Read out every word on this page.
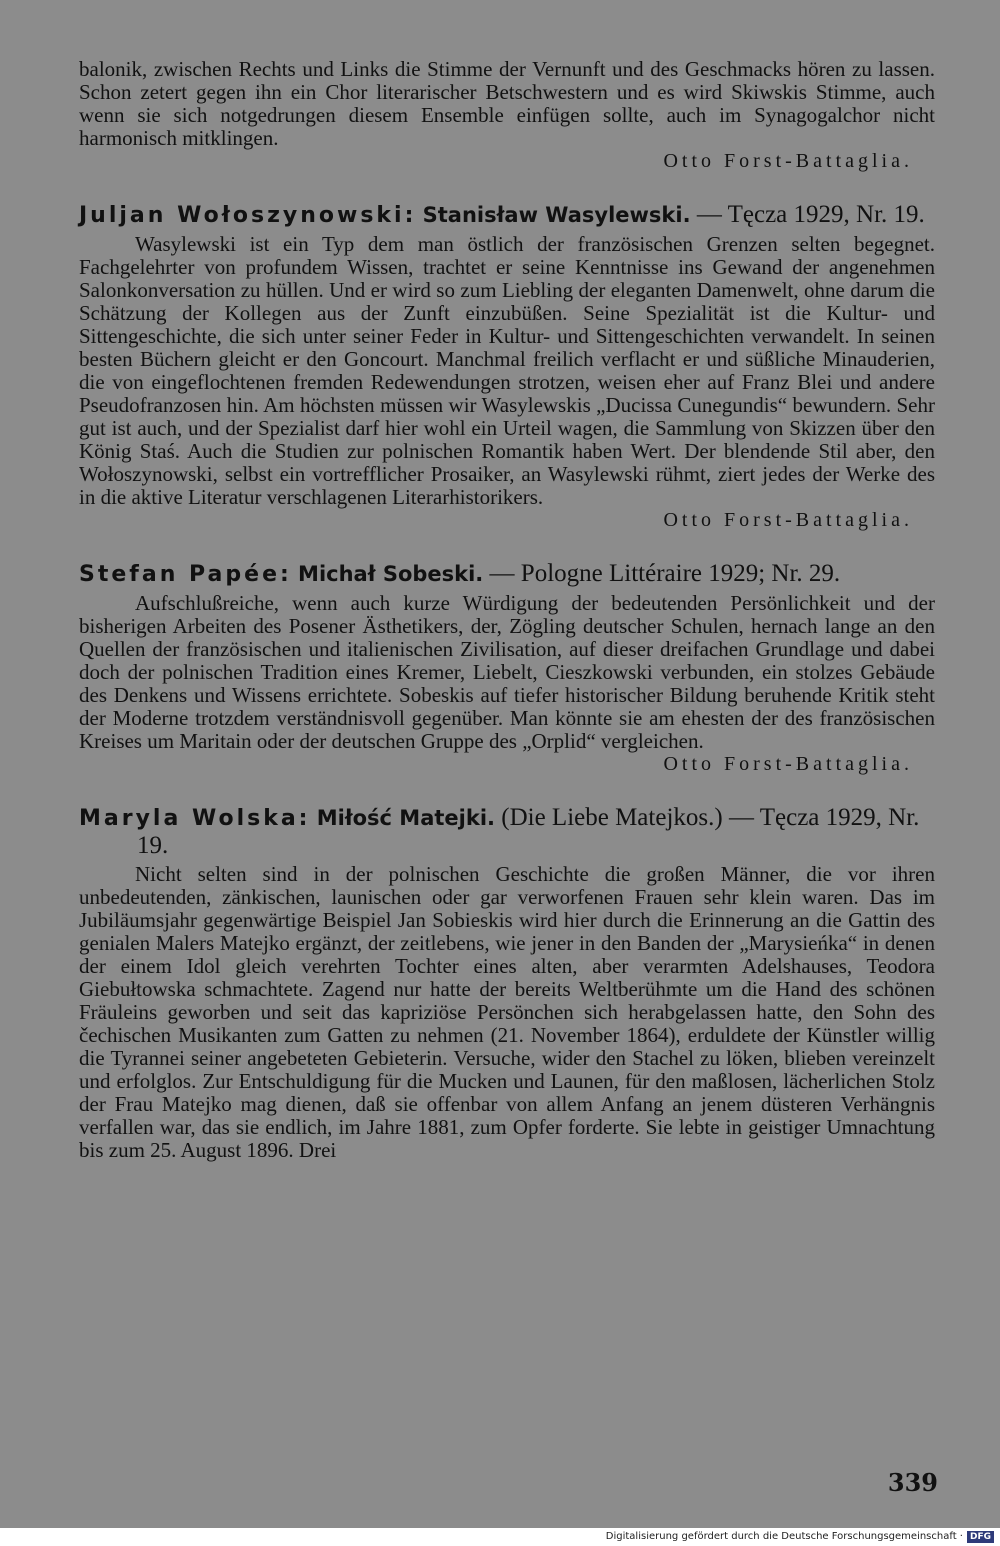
balonik, zwischen Rechts und Links die Stimme der Vernunft und des Geschmacks hören zu lassen. Schon zetert gegen ihn ein Chor literarischer Betschwestern und es wird Skiwskis Stimme, auch wenn sie sich notgedrungen diesem Ensemble einfügen sollte, auch im Synagogalchor nicht harmonisch mitklingen.

Otto Forst-Battaglia.

Juljan Wołoszynowski: Stanisław Wasylewski. — Tęcza 1929, Nr. 19.

Wasylewski ist ein Typ dem man östlich der französischen Grenzen selten begegnet. Fachgelehrter von profundem Wissen, trachtet er seine Kenntnisse ins Gewand der angenehmen Salonkonversation zu hüllen. Und er wird so zum Liebling der eleganten Damenwelt, ohne darum die Schätzung der Kollegen aus der Zunft einzubüßen. Seine Spezialität ist die Kultur- und Sittengeschichte, die sich unter seiner Feder in Kultur- und Sittengeschichten verwandelt. In seinen besten Büchern gleicht er den Goncourt. Manchmal freilich verflacht er und süßliche Minauderien, die von eingeflochtenen fremden Redewendungen strotzen, weisen eher auf Franz Blei und andere Pseudofranzosen hin. Am höchsten müssen wir Wasylewskis „Ducissa Cunegundis“ bewundern. Sehr gut ist auch, und der Spezialist darf hier wohl ein Urteil wagen, die Sammlung von Skizzen über den König Staś. Auch die Studien zur polnischen Romantik haben Wert. Der blendende Stil aber, den Wołoszynowski, selbst ein vortrefflicher Prosaiker, an Wasylewski rühmt, ziert jedes der Werke des in die aktive Literatur verschlagenen Literarhistorikers.

Otto Forst-Battaglia.

Stefan Papée: Michał Sobeski. — Pologne Littéraire 1929; Nr. 29.

Aufschlußreiche, wenn auch kurze Würdigung der bedeutenden Persönlichkeit und der bisherigen Arbeiten des Posener Ästhetikers, der, Zögling deutscher Schulen, hernach lange an den Quellen der französischen und italienischen Zivilisation, auf dieser dreifachen Grundlage und dabei doch der polnischen Tradition eines Kremer, Liebelt, Cieszkowski verbunden, ein stolzes Gebäude des Denkens und Wissens errichtete. Sobeskis auf tiefer historischer Bildung beruhende Kritik steht der Moderne trotzdem verständnisvoll gegenüber. Man könnte sie am ehesten der des französischen Kreises um Maritain oder der deutschen Gruppe des „Orplid“ vergleichen.

Otto Forst-Battaglia.

Maryla Wolska: Miłość Matejki. (Die Liebe Matejkos.) — Tęcza 1929, Nr. 19.

Nicht selten sind in der polnischen Geschichte die großen Männer, die vor ihren unbedeutenden, zänkischen, launischen oder gar verworfenen Frauen sehr klein waren. Das im Jubiläumsjahr gegenwärtige Beispiel Jan Sobieskis wird hier durch die Erinnerung an die Gattin des genialen Malers Matejko ergänzt, der zeitlebens, wie jener in den Banden der „Marysieńka“ in denen der einem Idol gleich verehrten Tochter eines alten, aber verarmten Adelshauses, Teodora Giebułtowska schmachtete. Zagend nur hatte der bereits Weltberühmte um die Hand des schönen Fräuleins geworben und seit das kapriziöse Persönchen sich herabgelassen hatte, den Sohn des čechischen Musikanten zum Gatten zu nehmen (21. November 1864), erduldete der Künstler willig die Tyrannei seiner angebeteten Gebieterin. Versuche, wider den Stachel zu löken, blieben vereinzelt und erfolglos. Zur Entschuldigung für die Mucken und Launen, für den maßlosen, lächerlichen Stolz der Frau Matejko mag dienen, daß sie offenbar von allem Anfang an jenem düsteren Verhängnis verfallen war, das sie endlich, im Jahre 1881, zum Opfer forderte. Sie lebte in geistiger Umnachtung bis zum 25. August 1896. Drei

339
Digitalisierung gefördert durch die Deutsche Forschungsgemeinschaft · DFG
